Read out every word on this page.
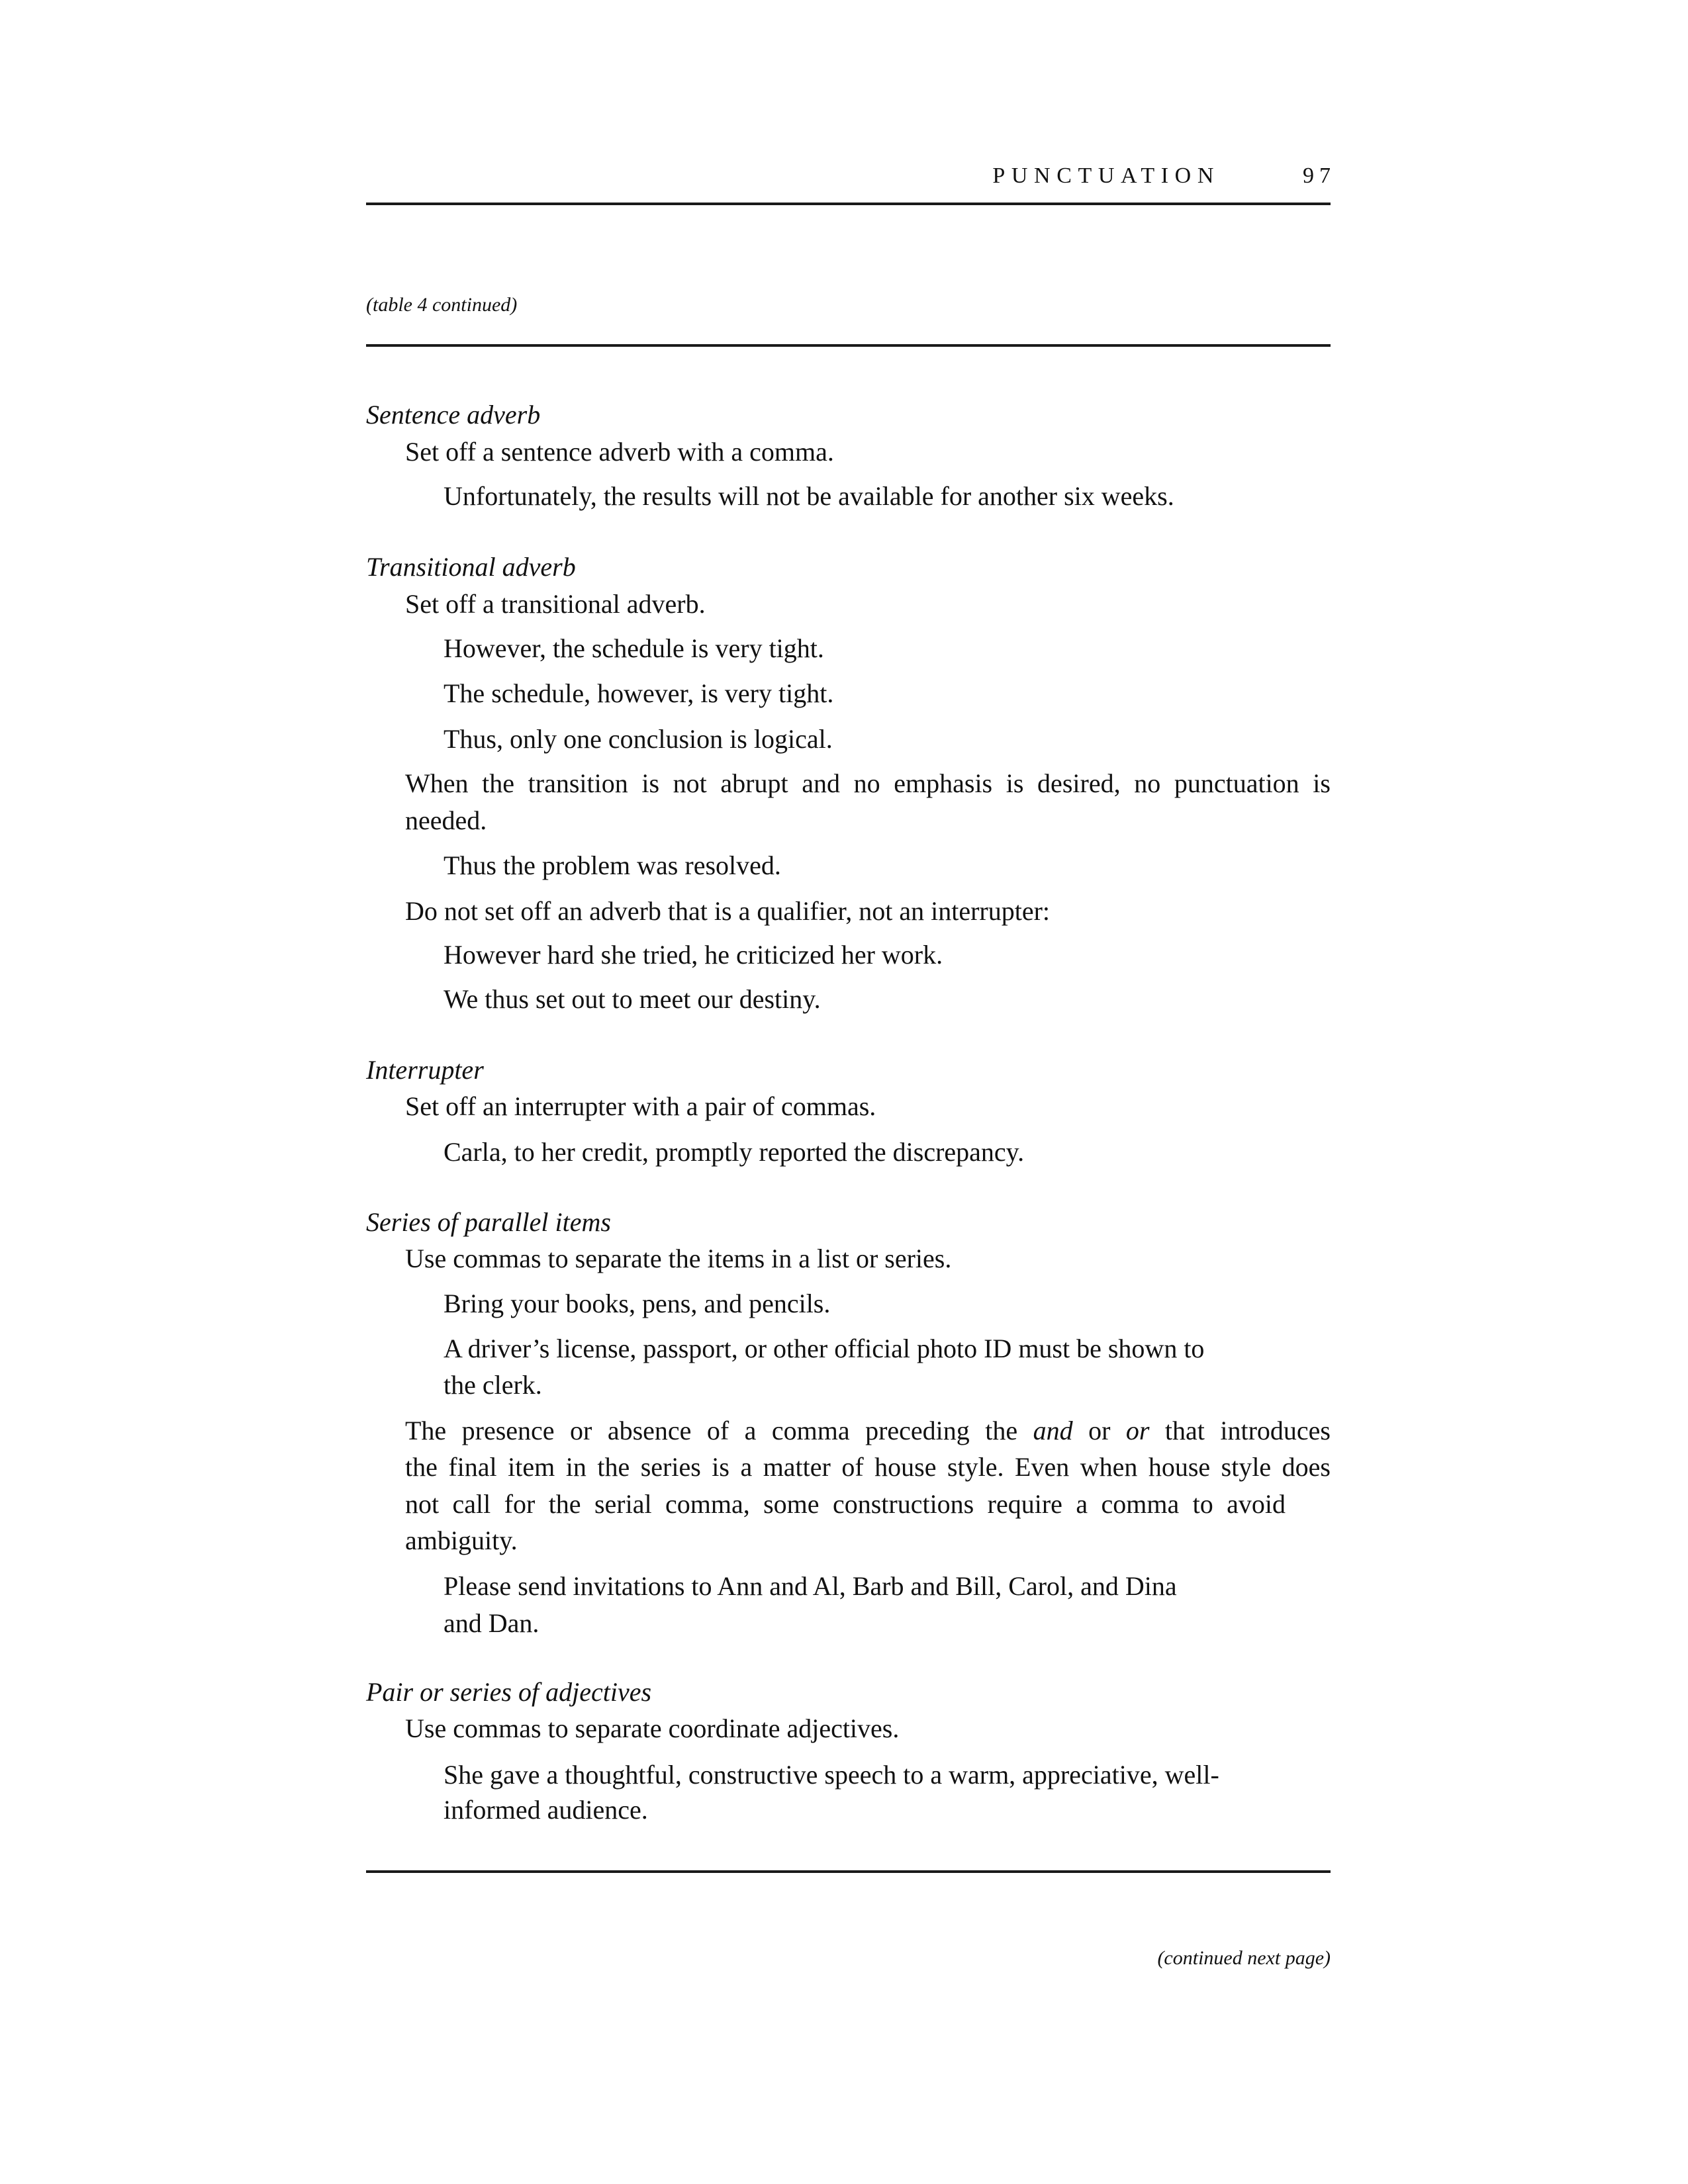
PUNCTUATION	97
(table 4 continued)
Sentence adverb
Set off a sentence adverb with a comma.
Unfortunately, the results will not be available for another six weeks.
Transitional adverb
Set off a transitional adverb.
However, the schedule is very tight.
The schedule, however, is very tight.
Thus, only one conclusion is logical.
When the transition is not abrupt and no emphasis is desired, no punctuation is
needed.
Thus the problem was resolved.
Do not set off an adverb that is a qualifier, not an interrupter:
However hard she tried, he criticized her work.
We thus set out to meet our destiny.
Interrupter
Set off an interrupter with a pair of commas.
Carla, to her credit, promptly reported the discrepancy.
Series of parallel items
Use commas to separate the items in a list or series.
Bring your books, pens, and pencils.
A driver’s license, passport, or other official photo ID must be shown to
the clerk.
The presence or absence of a comma preceding the and or or that introduces
the final item in the series is a matter of house style. Even when house style does
not call for the serial comma, some constructions require a comma to avoid
ambiguity.
Please send invitations to Ann and Al, Barb and Bill, Carol, and Dina
and Dan.
Pair or series of adjectives
Use commas to separate coordinate adjectives.
She gave a thoughtful, constructive speech to a warm, appreciative, well-
informed audience.
(continued next page)
